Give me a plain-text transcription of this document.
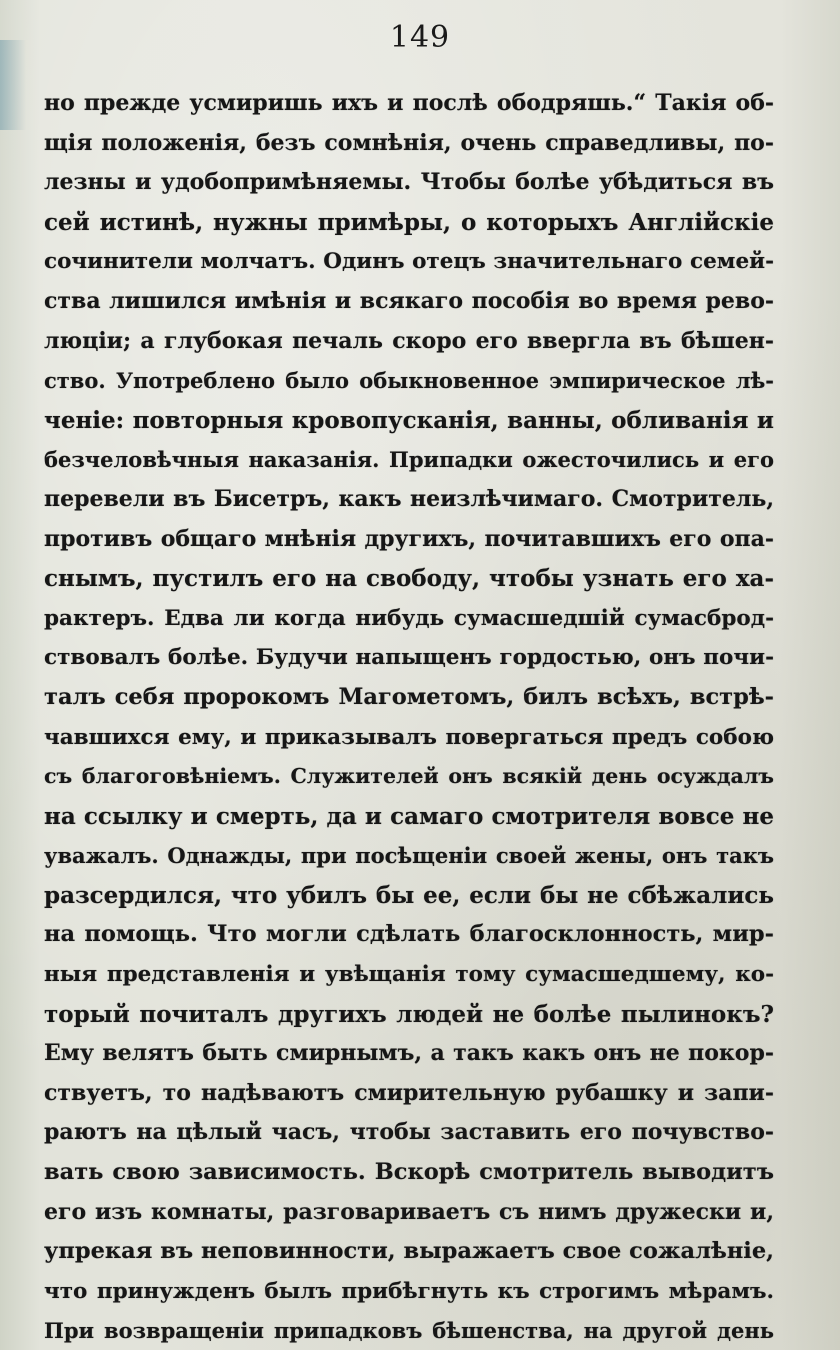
149
но прежде усмиришь ихъ и послѣ ободряшь.“ Такія об-
щія положенія, безъ сомнѣнія, очень справедливы, по-
лезны и удобопримѣняемы. Чтобы болѣе убѣдиться въ
сей истинѣ, нужны примѣры, о которыхъ Англійскіе
сочинители молчатъ. Одинъ отецъ значительнаго семей-
ства лишился имѣнія и всякаго пособія во время рево-
люціи; а глубокая печаль скоро его ввергла въ бѣшен-
ство. Употреблено было обыкновенное эмпирическое лѣ-
ченіе: повторныя кровопусканія, ванны, обливанія и
безчеловѣчныя наказанія. Припадки ожесточились и его
перевели въ Бисетръ, какъ неизлѣчимаго. Смотритель,
противъ общаго мнѣнія другихъ, почитавшихъ его опа-
снымъ, пустилъ его на свободу, чтобы узнать его ха-
рактеръ. Едва ли когда нибудь сумасшедшій сумасброд-
ствовалъ болѣе. Будучи напыщенъ гордостью, онъ почи-
талъ себя пророкомъ Магометомъ, билъ всѣхъ, встрѣ-
чавшихся ему, и приказывалъ повергаться предъ собою
съ благоговѣніемъ. Служителей онъ всякій день осуждалъ
на ссылку и смерть, да и самаго смотрителя вовсе не
уважалъ. Однажды, при посѣщеніи своей жены, онъ такъ
разсердился, что убилъ бы ее, если бы не сбѣжались
на помощь. Что могли сдѣлать благосклонность, мир-
ныя представленія и увѣщанія тому сумасшедшему, ко-
торый почиталъ другихъ людей не болѣе пылинокъ?
Ему велятъ быть смирнымъ, а такъ какъ онъ не покор-
ствуетъ, то надѣваютъ смирительную рубашку и запи-
раютъ на цѣлый часъ, чтобы заставить его почувство-
вать свою зависимость. Вскорѣ смотритель выводитъ
его изъ комнаты, разговариваетъ съ нимъ дружески и,
упрекая въ неповинности, выражаетъ свое сожалѣніе,
что принужденъ былъ прибѣгнуть къ строгимъ мѣрамъ.
При возвращеніи припадковъ бѣшенства, на другой день
